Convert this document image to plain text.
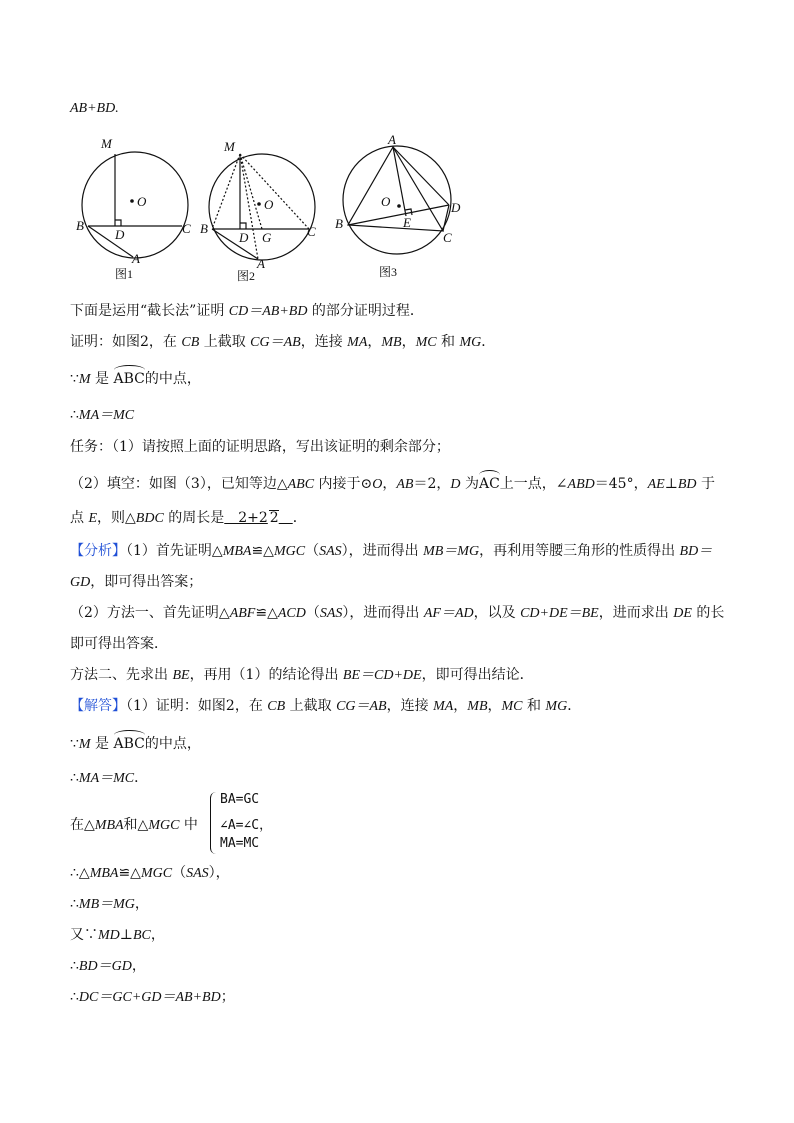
AB+BD.
M
O
B
D	C
A
M
O
B
D G	C
A
A
O
B	E
D
C
图1	图2	图3
下面是运用“截长法”证明 CD＝AB+BD 的部分证明过程．
证明：如图2，在 CB 上截取 CG＝AB，连接 MA，MB，MC 和 MG．
∵M 是 ABC的中点，
∴MA＝MC
任务：（1）请按照上面的证明思路，写出该证明的剩余部分；
（2）填空：如图（3），已知等边△ABC 内接于⊙O，AB＝2，D 为AC上一点，∠ABD＝45°，AE⊥BD 于
点 E，则△BDC 的周长是　2+2 2　 ．
【分析】（1）首先证明△MBA≌△MGC（SAS），进而得出 MB＝MG，再利用等腰三角形的性质得出 BD＝
GD，即可得出答案；
（2）方法一、首先证明△ABF≌△ACD（SAS），进而得出 AF＝AD，以及 CD+DE＝BE，进而求出 DE 的长
即可得出答案．
方法二、先求出 BE，再用（1）的结论得出 BE＝CD+DE，即可得出结论．
【解答】（1）证明：如图2，在 CB 上截取 CG＝AB，连接 MA，MB，MC 和 MG．
∵M 是 ABC的中点，
∴MA＝MC．
在△MBA和△MGC 中
BA=GC
∠A=∠C，
MA=MC
∴△MBA≌△MGC（SAS），
∴MB＝MG，
又∵MD⊥BC，
∴BD＝GD，
∴DC＝GC+GD＝AB+BD；
